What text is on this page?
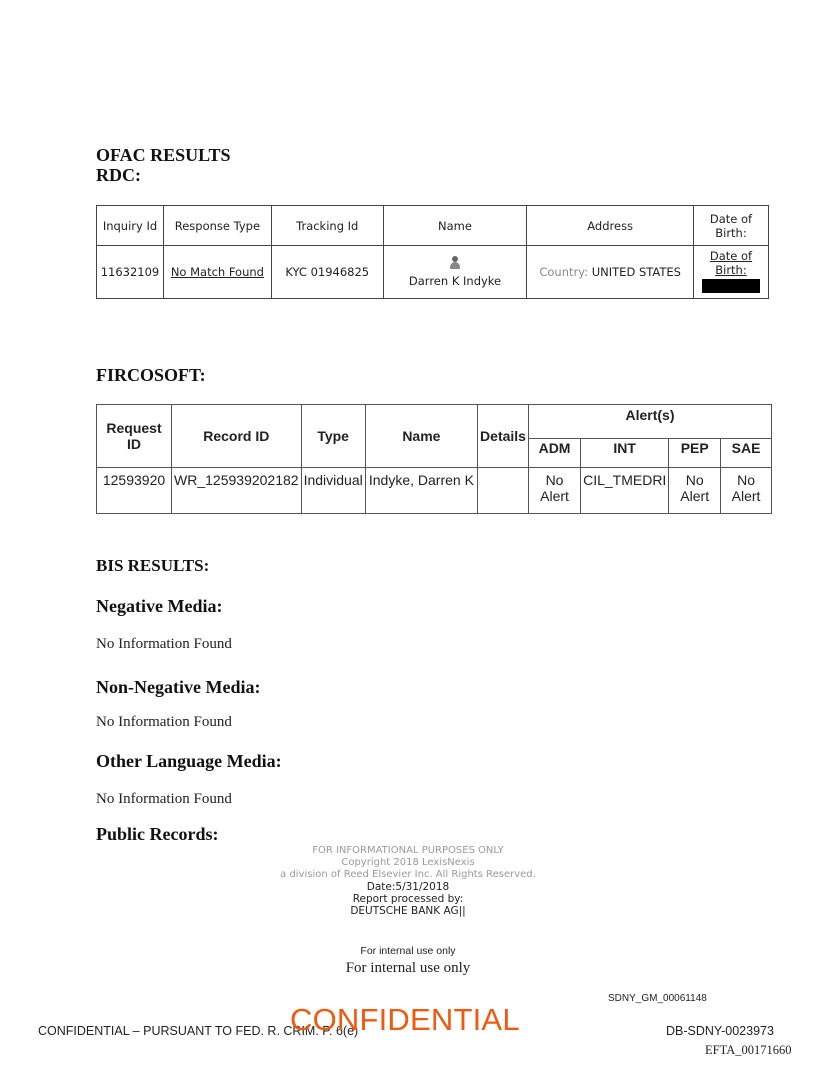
OFAC RESULTS
RDC:
Inquiry Id	Response Type	Tracking Id	Name	Address	Date of Birth:
11632109	No Match Found	KYC 01946825	Darren K Indyke	Country: UNITED STATES	Date of Birth:

FIRCOSOFT:
Request ID	Record ID	Type	Name	Details	Alert(s)			
					ADM	INT	PEP	SAE
12593920	WR_125939202182	Individual	Indyke, Darren K		No Alert	CIL_TMEDRI	No Alert	No Alert
BIS RESULTS:
Negative Media:
No Information Found
Non-Negative Media:
No Information Found
Other Language Media:
No Information Found
Public Records:
FOR INFORMATIONAL PURPOSES ONLY
Copyright 2018 LexisNexis
a division of Reed Elsevier Inc. All Rights Reserved.
Date:5/31/2018
Report processed by:
DEUTSCHE BANK AG||
For internal use only
For internal use only
SDNY_GM_00061148
CONFIDENTIAL – PURSUANT TO FED. R. CRIM. P. 6(e)
CONFIDENTIAL	DB-SDNY-0023973
EFTA_00171660
